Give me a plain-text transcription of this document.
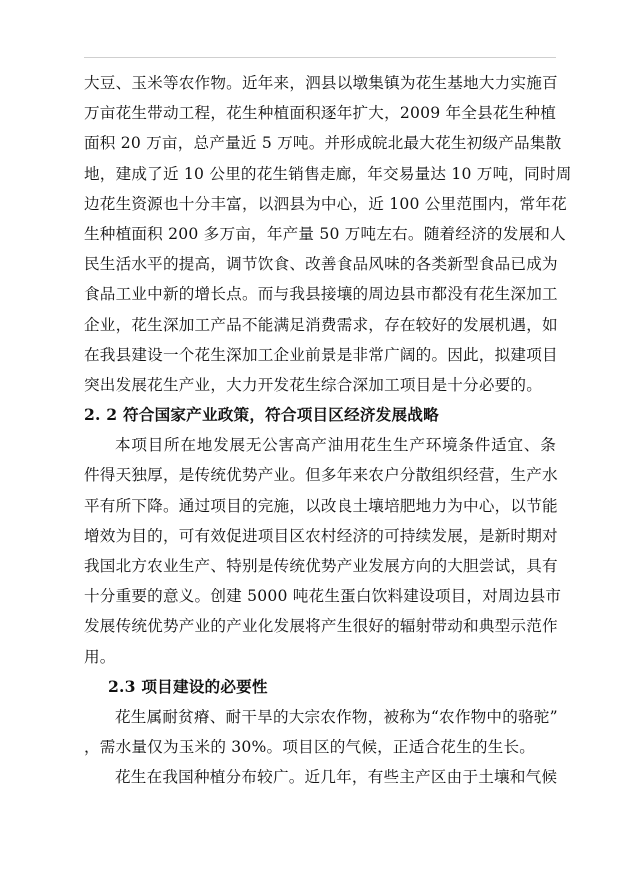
大豆、玉米等农作物。近年来，泗县以墩集镇为花生基地大力实施百
万亩花生带动工程，花生种植面积逐年扩大，2009 年全县花生种植
面积 20 万亩，总产量近 5 万吨。并形成皖北最大花生初级产品集散
地，建成了近 10 公里的花生销售走廊，年交易量达 10 万吨，同时周
边花生资源也十分丰富，以泗县为中心，近 100 公里范围内，常年花
生种植面积 200 多万亩，年产量 50 万吨左右。随着经济的发展和人
民生活水平的提高，调节饮食、改善食品风味的各类新型食品已成为
食品工业中新的增长点。而与我县接壤的周边县市都没有花生深加工
企业，花生深加工产品不能满足消费需求，存在较好的发展机遇，如
在我县建设一个花生深加工企业前景是非常广阔的。因此，拟建项目
突出发展花生产业，大力开发花生综合深加工项目是十分必要的。
2. 2 符合国家产业政策，符合项目区经济发展战略
本项目所在地发展无公害高产油用花生生产环境条件适宜、条
件得天独厚，是传统优势产业。但多年来农户分散组织经营，生产水
平有所下降。通过项目的完施，以改良土壤培肥地力为中心，以节能
增效为目的，可有效促进项目区农村经济的可持续发展，是新时期对
我国北方农业生产、特别是传统优势产业发展方向的大胆尝试，具有
十分重要的意义。创建 5000 吨花生蛋白饮料建设项目，对周边县市
发展传统优势产业的产业化发展将产生很好的辐射带动和典型示范作
用。
2.3 项目建设的必要性
花生属耐贫瘠、耐干旱的大宗农作物，被称为“农作物中的骆驼”
，需水量仅为玉米的 30%。项目区的气候，正适合花生的生长。
花生在我国种植分布较广。近几年，有些主产区由于土壤和气候
